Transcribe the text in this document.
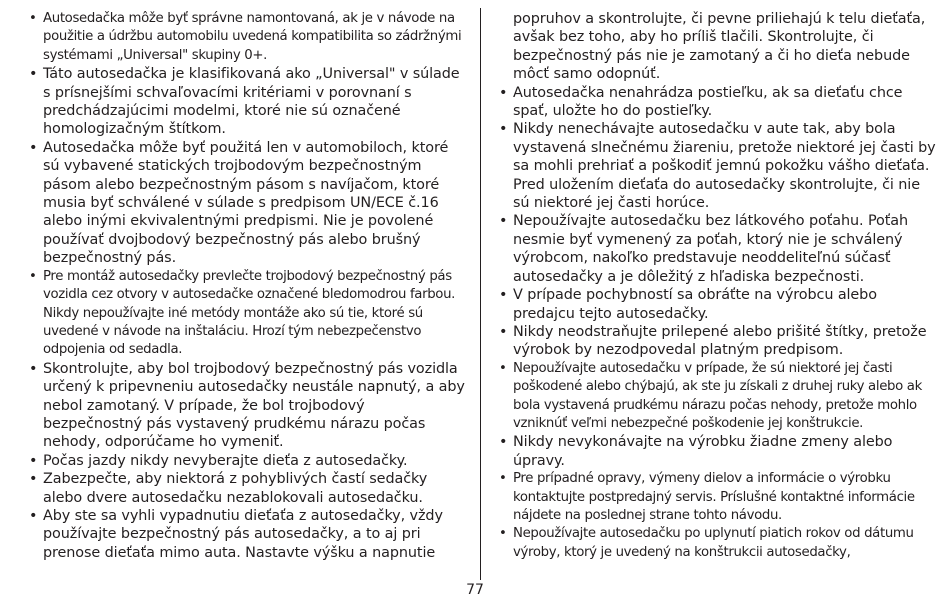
• Autosedačka môže byť správne namontovaná, ak je v návode na použitie a údržbu automobilu uvedená kompatibilita so zádržnými systémami „Universal" skupiny 0+.
• Táto autosedačka je klasifikovaná ako „Universal" v súlade s prísnejšími schvaľovacími kritériami v porovnaní s predchádzajúcimi modelmi, ktoré nie sú označené homologizačným štítkom.
• Autosedačka môže byť použitá len v automobiloch, ktoré sú vybavené statických trojbodovým bezpečnostným pásom alebo bezpečnostným pásom s navíjačom, ktoré musia byť schválené v súlade s predpisom UN/ECE č.16 alebo inými ekvivalentnými predpismi. Nie je povolené používať dvojbodový bezpečnostný pás alebo brušný bezpečnostný pás.
• Pre montáž autosedačky prevlečte trojbodový bezpečnostný pás vozidla cez otvory v autosedačke označené bledomodrou farbou. Nikdy nepoužívajte iné metódy montáže ako sú tie, ktoré sú uvedené v návode na inštaláciu. Hrozí tým nebezpečenstvo odpojenia od sedadla.
• Skontrolujte, aby bol trojbodový bezpečnostný pás vozidla určený k pripevneniu autosedačky neustále napnutý, a aby nebol zamotaný. V prípade, že bol trojbodový bezpečnostný pás vystavený prudkému nárazu počas nehody, odporúčame ho vymeniť.
• Počas jazdy nikdy nevyberajte dieťa z autosedačky.
• Zabezpečte, aby niektorá z pohyblivých častí sedačky alebo dvere autosedačku nezablokovali autosedačku.
• Aby ste sa vyhli vypadnutiu dieťaťa z autosedačky, vždy používajte bezpečnostný pás autosedačky, a to aj pri prenose dieťaťa mimo auta. Nastavte výšku a napnutie
popruhov a skontrolujte, či pevne priliehajú k telu dieťaťa, avšak bez toho, aby ho príliš tlačili. Skontrolujte, či bezpečnostný pás nie je zamotaný a či ho dieťa nebude môcť samo odopnúť.
• Autosedačka nenahrádza postieľku, ak sa dieťaťu chce spať, uložte ho do postieľky.
• Nikdy nenechávajte autosedačku v aute tak, aby bola vystavená slnečnému žiareniu, pretože niektoré jej časti by sa mohli prehriať a poškodiť jemnú pokožku vášho dieťaťa. Pred uložením dieťaťa do autosedačky skontrolujte, či nie sú niektoré jej časti horúce.
• Nepoužívajte autosedačku bez látkového poťahu. Poťah nesmie byť vymenený za poťah, ktorý nie je schválený výrobcom, nakoľko predstavuje neoddeliteľnú súčasť autosedačky a je dôležitý z hľadiska bezpečnosti.
• V prípade pochybností sa obráťte na výrobcu alebo predajcu tejto autosedačky.
• Nikdy neodstraňujte prilepené alebo prišité štítky, pretože výrobok by nezodpovedal platným predpisom.
• Nepoužívajte autosedačku v prípade, že sú niektoré jej časti poškodené alebo chýbajú, ak ste ju získali z druhej ruky alebo ak bola vystavená prudkému nárazu počas nehody, pretože mohlo vzniknúť veľmi nebezpečné poškodenie jej konštrukcie.
• Nikdy nevykonávajte na výrobku žiadne zmeny alebo úpravy.
• Pre prípadné opravy, výmeny dielov a informácie o výrobku kontaktujte postpredajný servis. Príslušné kontaktné informácie nájdete na poslednej strane tohto návodu.
• Nepoužívajte autosedačku po uplynutí piatich rokov od dátumu výroby, ktorý je uvedený na konštrukcii autosedačky,
77
